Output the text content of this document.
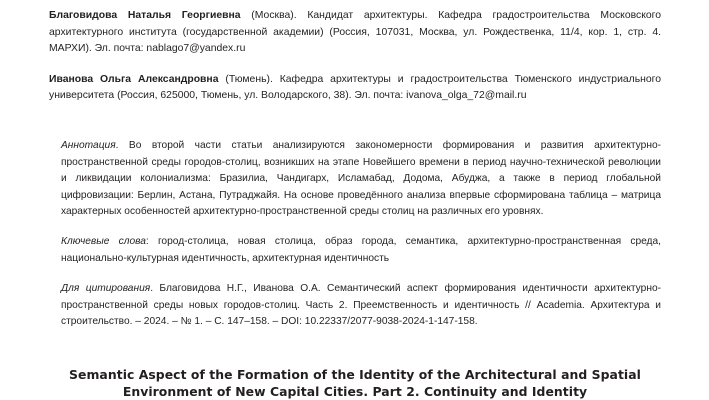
Благовидова Наталья Георгиевна (Москва). Кандидат архитектуры. Кафедра градостроительства Московского архитектурного института (государственной академии) (Россия, 107031, Москва, ул. Рождественка, 11/4, кор. 1, стр. 4. МАРХИ). Эл. почта: nablago7@yandex.ru

Иванова Ольга Александровна (Тюмень). Кафедра архитектуры и градостроительства Тюменского индустриального университета (Россия, 625000, Тюмень, ул. Володарского, 38). Эл. почта: ivanova_olga_72@mail.ru

Аннотация. Во второй части статьи анализируются закономерности формирования и развития архитектурно-пространственной среды городов-столиц, возникших на этапе Новейшего времени в период научно-технической революции и ликвидации колониализма: Бразилиа, Чандигарх, Исламабад, Додома, Абуджа, а также в период глобальной цифровизации: Берлин, Астана, Путраджайя. На основе проведённого анализа впервые сформирована таблица – матрица характерных особенностей архитектурно-пространственной среды столиц на различных его уровнях.

Ключевые слова: город-столица, новая столица, образ города, семантика, архитектурно-пространственная среда, национально-культурная идентичность, архитектурная идентичность

Для цитирования. Благовидова Н.Г., Иванова О.А. Семантический аспект формирования идентичности архитектурно-пространственной среды новых городов-столиц. Часть 2. Преемственность и идентичность // Academia. Архитектура и строительство. – 2024. – № 1. – С. 147–158. – DOI: 10.22337/2077-9038-2024-1-147-158.

Semantic Aspect of the Formation of the Identity of the Architectural and Spatial
Environment of New Capital Cities. Part 2. Continuity and Identity
